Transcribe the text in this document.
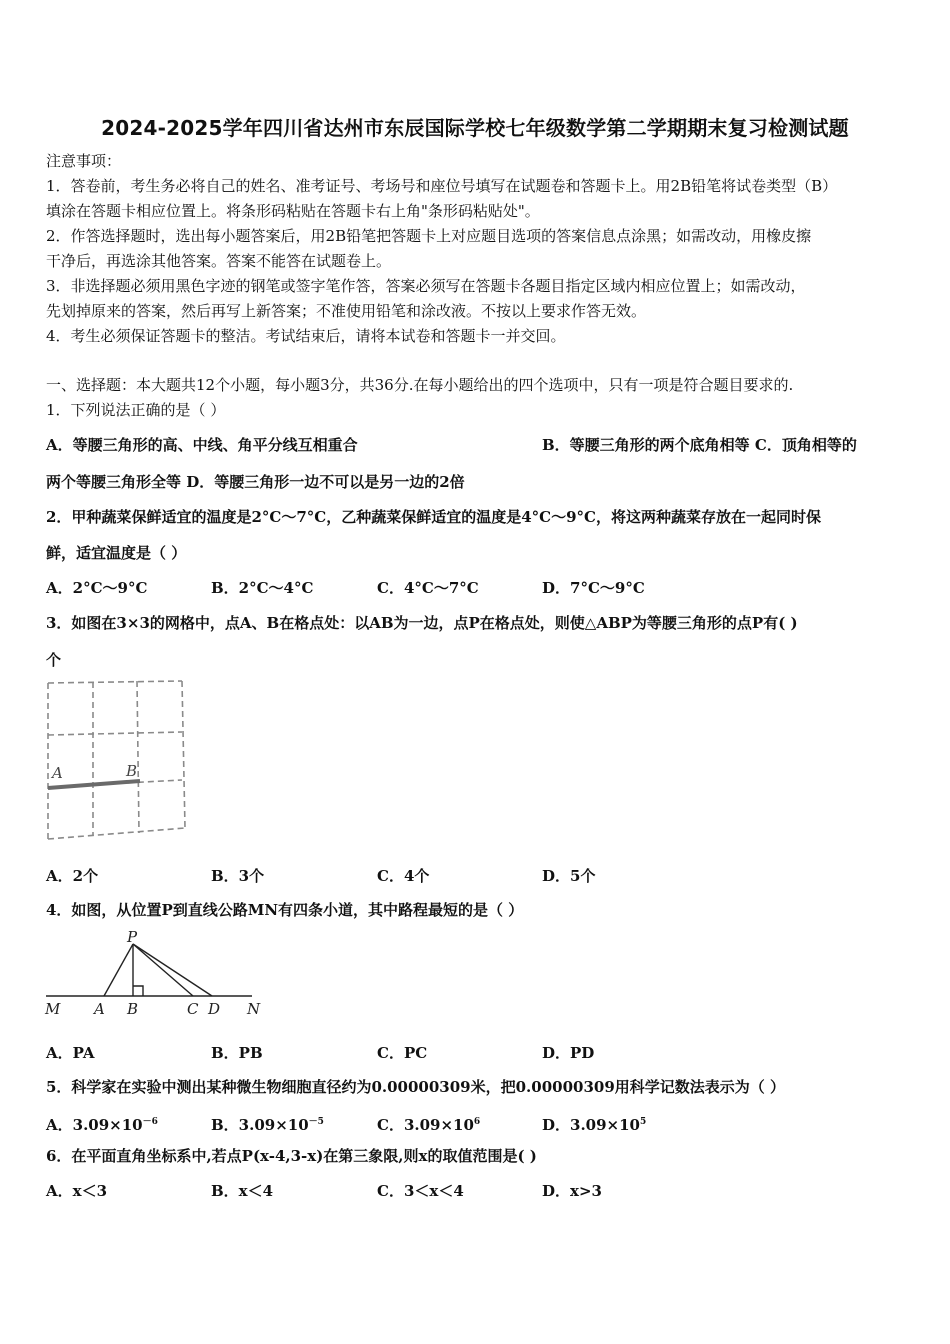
2024-2025学年四川省达州市东辰国际学校七年级数学第二学期期末复习检测试题
注意事项：
1．答卷前，考生务必将自己的姓名、准考证号、考场号和座位号填写在试题卷和答题卡上。用2B铅笔将试卷类型（B）
填涂在答题卡相应位置上。将条形码粘贴在答题卡右上角"条形码粘贴处"。
2．作答选择题时，选出每小题答案后，用2B铅笔把答题卡上对应题目选项的答案信息点涂黑；如需改动，用橡皮擦
干净后，再选涂其他答案。答案不能答在试题卷上。
3．非选择题必须用黑色字迹的钢笔或签字笔作答，答案必须写在答题卡各题目指定区域内相应位置上；如需改动，
先划掉原来的答案，然后再写上新答案；不准使用铅笔和涂改液。不按以上要求作答无效。
4．考生必须保证答题卡的整洁。考试结束后，请将本试卷和答题卡一并交回。
一、选择题：本大题共12个小题，每小题3分，共36分.在每小题给出的四个选项中，只有一项是符合题目要求的.
1．下列说法正确的是（ ）
A．等腰三角形的高、中线、角平分线互相重合	B．等腰三角形的两个底角相等 C．顶角相等的
两个等腰三角形全等 D．等腰三角形一边不可以是另一边的2倍
2．甲种蔬菜保鲜适宜的温度是2°C～7°C，乙种蔬菜保鲜适宜的温度是4°C～9°C，将这两种蔬菜存放在一起同时保
鲜，适宜温度是（ ）
A．2°C～9°C	B．2°C～4°C	C．4°C～7°C	D．7°C～9°C
3．如图在3×3的网格中，点A、B在格点处：以AB为一边，点P在格点处，则使△ABP为等腰三角形的点P有( )
个
A	B
A．2个	B．3个	C．4个	D．5个
4．如图，从位置P到直线公路MN有四条小道，其中路程最短的是（ ）
P
M A B	C D N
A．PA	B．PB	C．PC	D．PD
5．科学家在实验中测出某种微生物细胞直径约为0.00000309米，把0.00000309用科学记数法表示为（ ）
A．$3.09\times 10^{-6}$	B．$3.09\times 10^{-5}$	C．$3.09\times 10^6$	D．$3.09\times 10^5$
6．在平面直角坐标系中,若点P(x-4,3-x)在第三象限,则x的取值范围是( )
A．x＜3	B．x＜4	C．3＜x＜4	D．x>3
